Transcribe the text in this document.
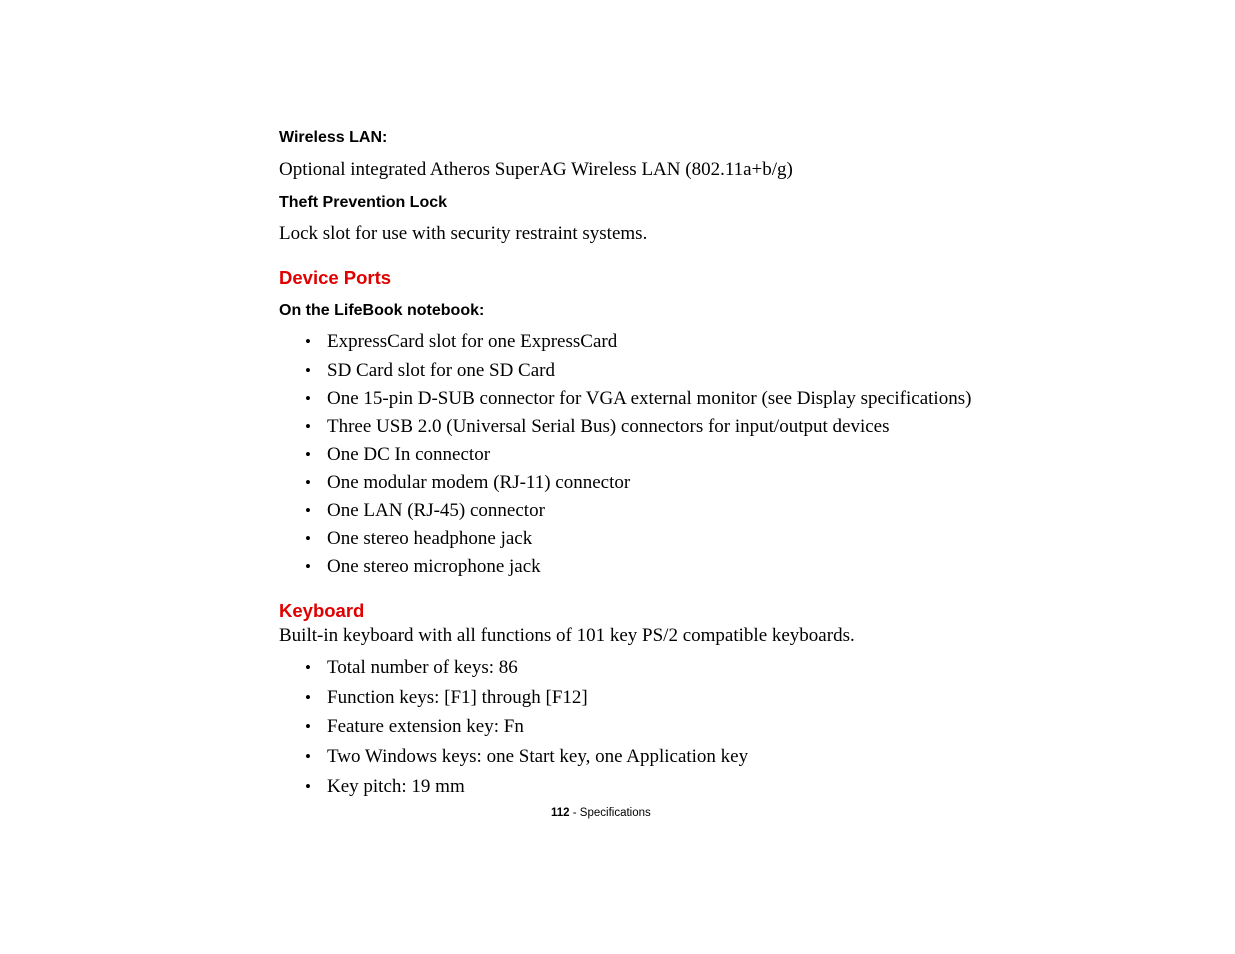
Wireless LAN:
Optional integrated Atheros SuperAG Wireless LAN (802.11a+b/g)
Theft Prevention Lock
Lock slot for use with security restraint systems.
Device Ports
On the LifeBook notebook:
• ExpressCard slot for one ExpressCard
• SD Card slot for one SD Card
• One 15-pin D-SUB connector for VGA external monitor (see Display specifications)
• Three USB 2.0 (Universal Serial Bus) connectors for input/output devices
• One DC In connector
• One modular modem (RJ-11) connector
• One LAN (RJ-45) connector
• One stereo headphone jack
• One stereo microphone jack
Keyboard
Built-in keyboard with all functions of 101 key PS/2 compatible keyboards.
• Total number of keys: 86
• Function keys: [F1] through [F12]
• Feature extension key: Fn
• Two Windows keys: one Start key, one Application key
• Key pitch: 19 mm
112 - Specifications
